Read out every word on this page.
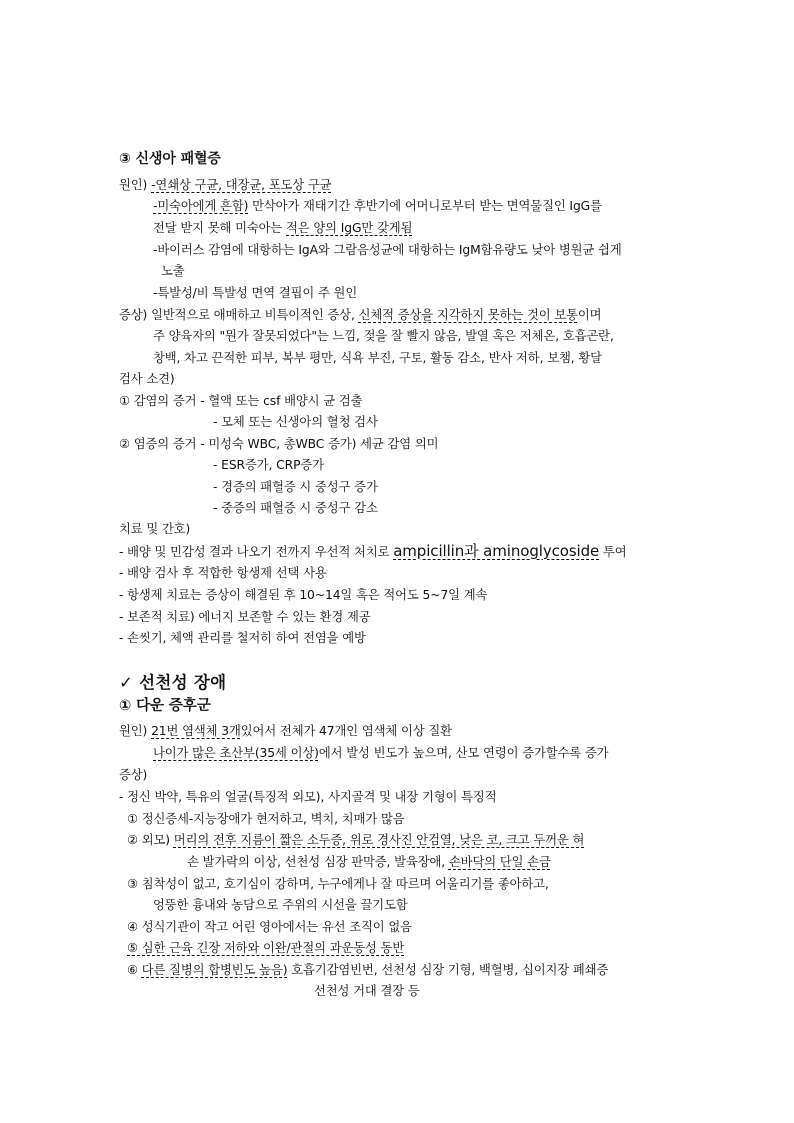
③ 신생아 패혈증
원인) -연쇄상 구균, 대장균, 포도상 구균
-미숙아에게 흔함) 만삭아가 재태기간 후반기에 어머니로부터 받는 면역물질인 IgG를
전달 받지 못해 미숙아는 적은 양의 IgG만 갖게됨
-바이러스 감염에 대항하는 IgA와 그람음성균에 대항하는 IgM함유량도 낮아 병원균 쉽게
노출
-특발성/비 특발성 면역 결핍이 주 원인
증상) 일반적으로 애매하고 비특이적인 증상, 신체적 증상을 지각하지 못하는 것이 보통이며
주 양육자의 "뭔가 잘못되었다"는 느낌, 젖을 잘 빨지 않음, 발열 혹은 저체온, 호흡곤란,
창백, 차고 끈적한 피부, 복부 평만, 식욕 부진, 구토, 활동 감소, 반사 저하, 보챔, 황달
검사 소견)
① 감염의 증거 - 혈액 또는 csf 배양시 균 검출
- 모체 또는 신생아의 혈청 검사
② 염증의 증거 - 미성숙 WBC, 총WBC 증가) 세균 감염 의미
- ESR증가, CRP증가
- 경증의 패혈증 시 중성구 증가
- 중증의 패혈증 시 중성구 감소
치료 및 간호)
- 배양 및 민감성 결과 나오기 전까지 우선적 처치로 ampicillin과 aminoglycoside 투여
- 배양 검사 후 적합한 항생제 선택 사용
- 항생제 치료는 증상이 해결된 후 10~14일 혹은 적어도 5~7일 계속
- 보존적 치료) 에너지 보존할 수 있는 환경 제공
- 손씻기, 체액 관리를 철저히 하여 전염을 예방
✓ 선천성 장애
① 다운 증후군
원인) 21번 염색체 3개있어서 전체가 47개인 염색체 이상 질환
나이가 많은 초산부(35세 이상)에서 발성 빈도가 높으며, 산모 연령이 증가할수록 증가
증상)
- 정신 박약, 특유의 얼굴(특징적 외모), 사지골격 및 내장 기형이 특징적
① 정신증세-지능장애가 현저하고, 벽치, 치매가 많음
② 외모) 머리의 전후 지름이 짧은 소두증, 위로 경사진 안검열, 낮은 코, 크고 두꺼운 혀
손 발가락의 이상, 선천성 심장 판막증, 발육장애, 손바닥의 단일 손금
③ 침착성이 없고, 호기심이 강하며, 누구에게나 잘 따르며 어울리기를 좋아하고,
엉뚱한 흉내와 농담으로 주위의 시선을 끌기도함
④ 성식기관이 작고 어린 영아에서는 유선 조직이 없음
⑤ 심한 근육 긴장 저하와 이완/관절의 과운동성 동반
⑥ 다른 질병의 합병빈도 높음) 호흡기감염빈번, 선천성 심장 기형, 백혈병, 십이지장 폐쇄증
선천성 거대 결장 등
